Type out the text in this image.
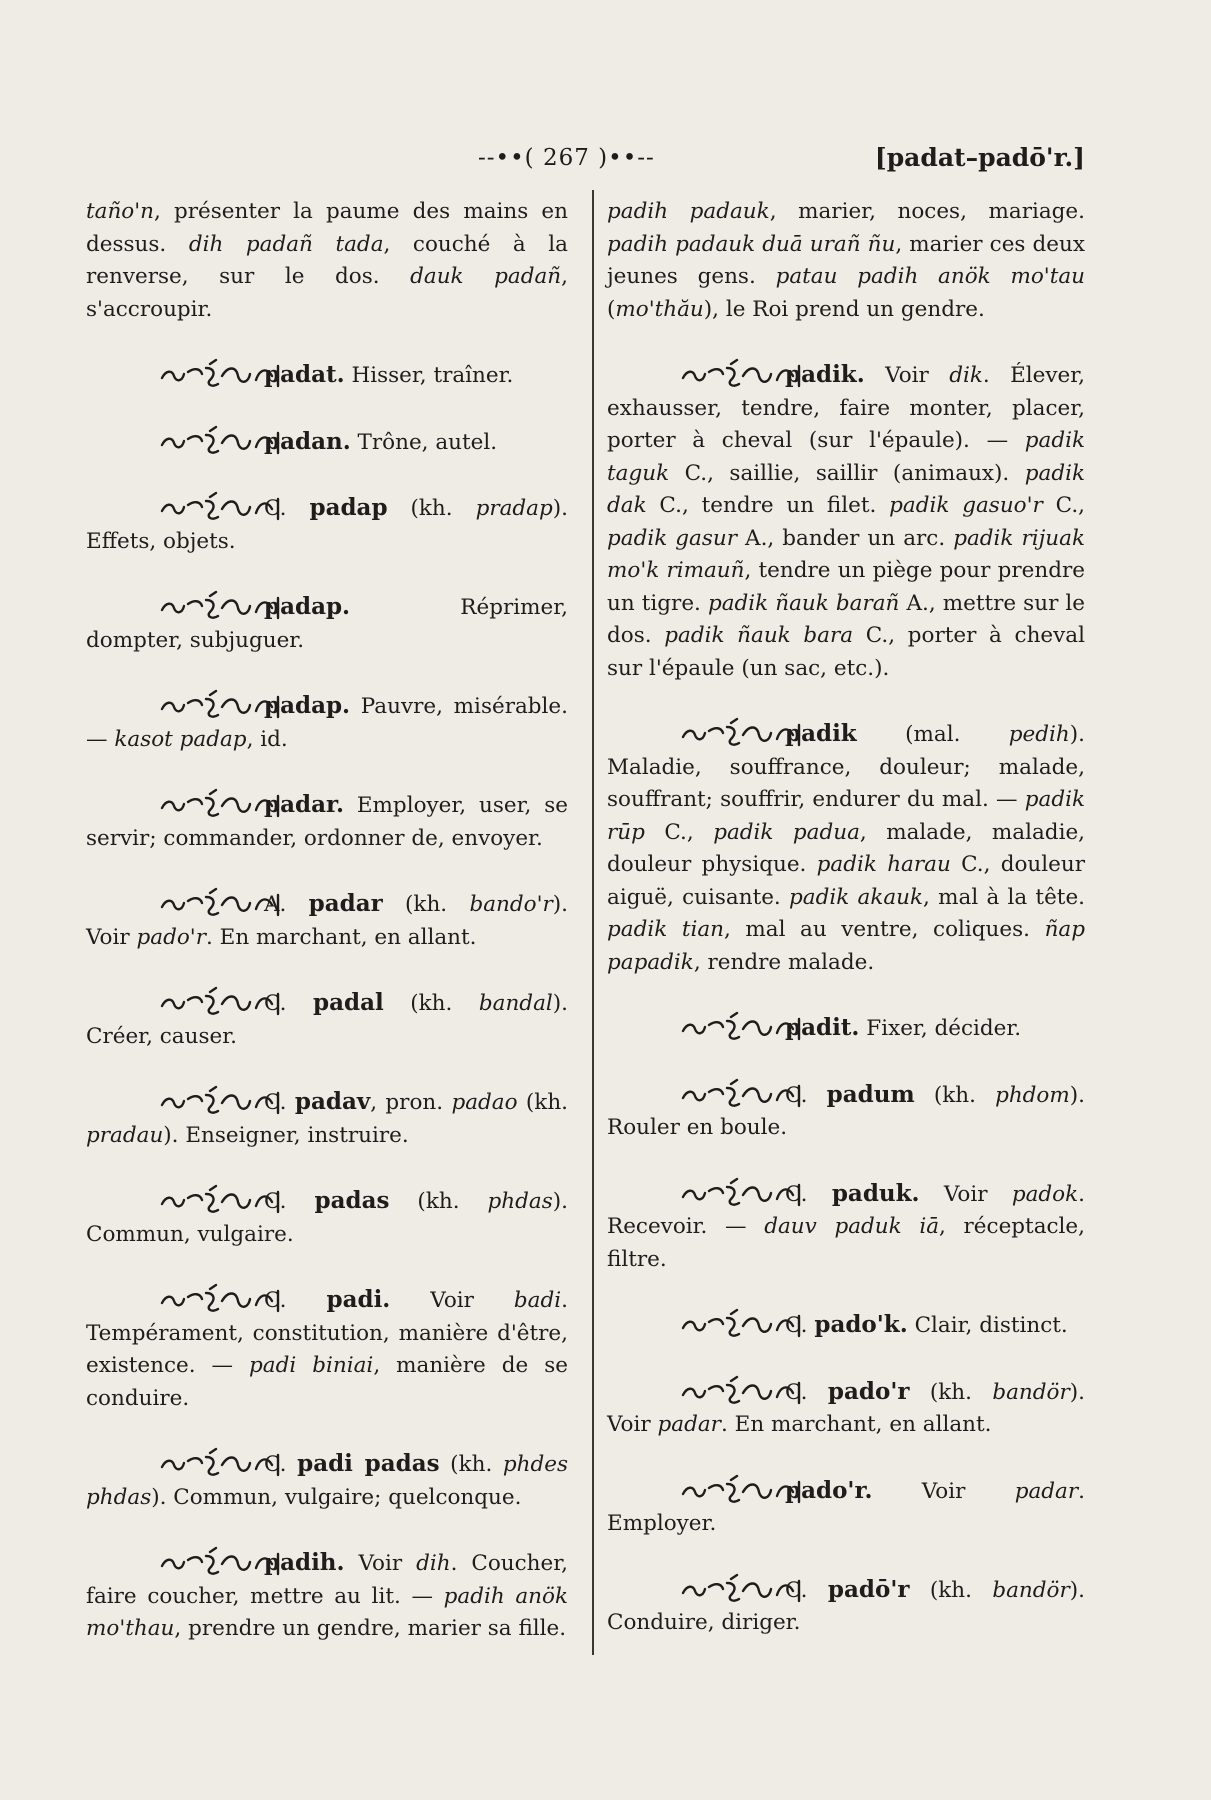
--••( 267 )••--	[padat–padō'r.]

taño'n, présenter la paume des mains en dessus. dih padañ tada, couché à la renverse, sur le dos. dauk padañ, s'accroupir.

padat. Hisser, traîner.

padan. Trône, autel.

C. padap (kh. pradap). Effets, objets.

padap. Réprimer, dompter, subjuguer.

padap. Pauvre, misérable. — kasot padap, id.

padar. Employer, user, se servir; commander, ordonner de, envoyer.

A. padar (kh. bando'r). Voir pado'r. En marchant, en allant.

C. padal (kh. bandal). Créer, causer.

C. padav, pron. padao (kh. pradau). Enseigner, instruire.

C. padas (kh. phdas). Commun, vulgaire.

C. padi. Voir badi. Tempérament, constitution, manière d'être, existence. — padi biniai, manière de se conduire.

C. padi padas (kh. phdes phdas). Commun, vulgaire; quelconque.

padih. Voir dih. Coucher, faire coucher, mettre au lit. — padih anök mo'thau, prendre un gendre, marier sa fille.

padih padauk, marier, noces, mariage. padih padauk duā urañ ñu, marier ces deux jeunes gens. patau padih anök mo'tau (mo'thău), le Roi prend un gendre.

padik. Voir dik. Élever, exhausser, tendre, faire monter, placer, porter à cheval (sur l'épaule). — padik taguk C., saillie, saillir (animaux). padik dak C., tendre un filet. padik gasuo'r C., padik gasur A., bander un arc. padik rijuak mo'k rimauñ, tendre un piège pour prendre un tigre. padik ñauk barañ A., mettre sur le dos. padik ñauk bara C., porter à cheval sur l'épaule (un sac, etc.).

padik (mal. pedih). Maladie, souffrance, douleur; malade, souffrant; souffrir, endurer du mal. — padik rūp C., padik padua, malade, maladie, douleur physique. padik harau C., douleur aiguë, cuisante. padik akauk, mal à la tête. padik tian, mal au ventre, coliques. ñap papadik, rendre malade.

padit. Fixer, décider.

C. padum (kh. phdom). Rouler en boule.

C. paduk. Voir padok. Recevoir. — dauv paduk iā, réceptacle, filtre.

C. pado'k. Clair, distinct.

C. pado'r (kh. bandör). Voir padar. En marchant, en allant.

pado'r. Voir padar. Employer.

C. padō'r (kh. bandör). Conduire, diriger.
